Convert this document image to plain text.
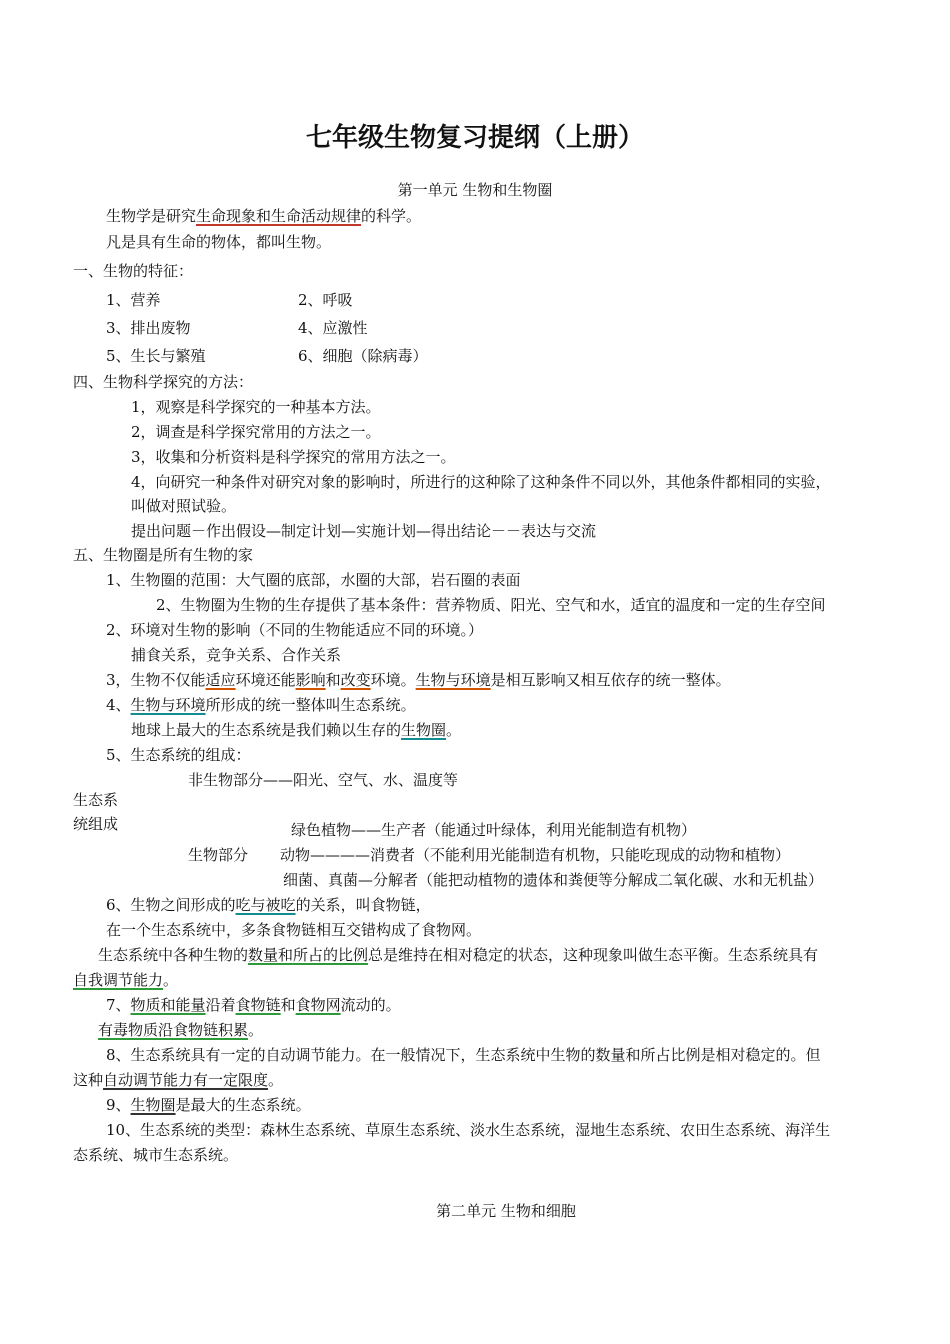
七年级生物复习提纲（上册）
第一单元 生物和生物圈
生物学是研究生命现象和生命活动规律的科学。
凡是具有生命的物体，都叫生物。
一、生物的特征：
1、营养	2、呼吸
3、排出废物	4、应激性
5、生长与繁殖	6、细胞（除病毒）
四、生物科学探究的方法：
1，观察是科学探究的一种基本方法。
2，调查是科学探究常用的方法之一。
3，收集和分析资料是科学探究的常用方法之一。
4，向研究一种条件对研究对象的影响时，所进行的这种除了这种条件不同以外，其他条件都相同的实验，
叫做对照试验。
提出问题－作出假设—制定计划—实施计划—得出结论－－表达与交流
五、生物圈是所有生物的家
1、生物圈的范围：大气圈的底部，水圈的大部，岩石圈的表面
2、生物圈为生物的生存提供了基本条件：营养物质、阳光、空气和水，适宜的温度和一定的生存空间
2、环境对生物的影响（不同的生物能适应不同的环境。）
捕食关系，竞争关系、合作关系
3，生物不仅能适应环境还能影响和改变环境。生物与环境是相互影响又相互依存的统一整体。
4、生物与环境所形成的统一整体叫生态系统。
地球上最大的生态系统是我们赖以生存的生物圈。
5、生态系统的组成：
非生物部分——阳光、空气、水、温度等
生态系
统组成	绿色植物——生产者（能通过叶绿体，利用光能制造有机物）
生物部分 动物————消费者（不能利用光能制造有机物，只能吃现成的动物和植物）
细菌、真菌—分解者（能把动植物的遗体和粪便等分解成二氧化碳、水和无机盐）
6、生物之间形成的吃与被吃的关系，叫食物链，
在一个生态系统中，多条食物链相互交错构成了食物网。
生态系统中各种生物的数量和所占的比例总是维持在相对稳定的状态，这种现象叫做生态平衡。生态系统具有
自我调节能力。
7、物质和能量沿着食物链和食物网流动的。
有毒物质沿食物链积累。
8、生态系统具有一定的自动调节能力。在一般情况下，生态系统中生物的数量和所占比例是相对稳定的。但
这种自动调节能力有一定限度。
9、生物圈是最大的生态系统。
10、生态系统的类型：森林生态系统、草原生态系统、淡水生态系统，湿地生态系统、农田生态系统、海洋生
态系统、城市生态系统。
第二单元 生物和细胞
